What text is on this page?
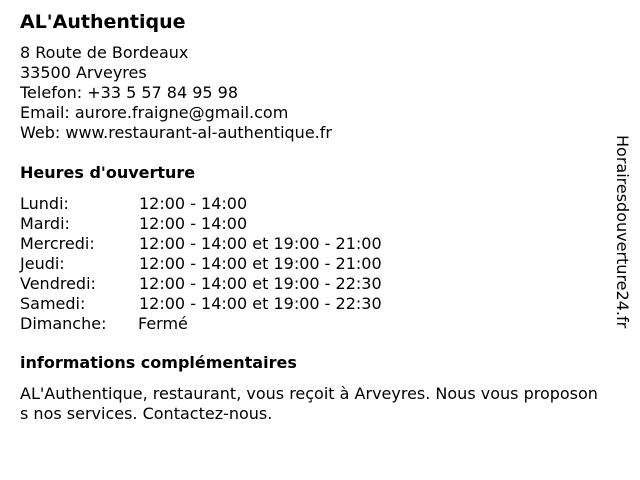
AL'Authentique
8 Route de Bordeaux
33500 Arveyres
Telefon: +33 5 57 84 95 98
Email: aurore.fraigne@gmail.com
Web: www.restaurant-al-authentique.fr
Heures d'ouverture
Lundi:	12:00 - 14:00
Mardi:	12:00 - 14:00
Mercredi:	12:00 - 14:00 et 19:00 - 21:00
Jeudi:	12:00 - 14:00 et 19:00 - 21:00
Vendredi:	12:00 - 14:00 et 19:00 - 22:30
Samedi:	12:00 - 14:00 et 19:00 - 22:30
Dimanche: Fermé
informations complémentaires

AL'Authentique, restaurant, vous reçoit à Arveyres. Nous vous proposons nos services. Contactez-nous.

Horairesdouverture24.fr
